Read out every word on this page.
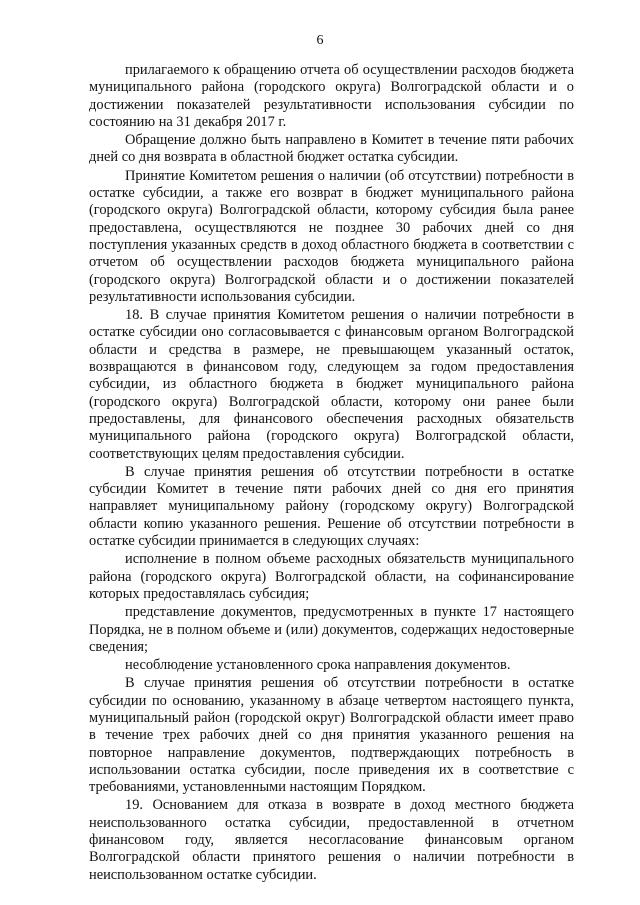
6

прилагаемого к обращению отчета об осуществлении расходов бюджета муниципального района (городского округа) Волгоградской области и о достижении показателей результативности использования субсидии по состоянию на 31 декабря 2017 г.

Обращение должно быть направлено в Комитет в течение пяти рабочих дней со дня возврата в областной бюджет остатка субсидии.

Принятие Комитетом решения о наличии (об отсутствии) потребности в остатке субсидии, а также его возврат в бюджет муниципального района (городского округа) Волгоградской области, которому субсидия была ранее предоставлена, осуществляются не позднее 30 рабочих дней со дня поступления указанных средств в доход областного бюджета в соответствии с отчетом об осуществлении расходов бюджета муниципального района (городского округа) Волгоградской области и о достижении показателей результативности использования субсидии.

18. В случае принятия Комитетом решения о наличии потребности в остатке субсидии оно согласовывается с финансовым органом Волгоградской области и средства в размере, не превышающем указанный остаток, возвращаются в финансовом году, следующем за годом предоставления субсидии, из областного бюджета в бюджет муниципального района (городского округа) Волгоградской области, которому они ранее были предоставлены, для финансового обеспечения расходных обязательств муниципального района (городского округа) Волгоградской области, соответствующих целям предоставления субсидии.

В случае принятия решения об отсутствии потребности в остатке субсидии Комитет в течение пяти рабочих дней со дня его принятия направляет муниципальному району (городскому округу) Волгоградской области копию указанного решения. Решение об отсутствии потребности в остатке субсидии принимается в следующих случаях:

исполнение в полном объеме расходных обязательств муниципального района (городского округа) Волгоградской области, на софинансирование которых предоставлялась субсидия;

представление документов, предусмотренных в пункте 17 настоящего Порядка, не в полном объеме и (или) документов, содержащих недостоверные сведения;

несоблюдение установленного срока направления документов.

В случае принятия решения об отсутствии потребности в остатке субсидии по основанию, указанному в абзаце четвертом настоящего пункта, муниципальный район (городской округ) Волгоградской области имеет право в течение трех рабочих дней со дня принятия указанного решения на повторное направление документов, подтверждающих потребность в использовании остатка субсидии, после приведения их в соответствие с требованиями, установленными настоящим Порядком.

19. Основанием для отказа в возврате в доход местного бюджета неиспользованного остатка субсидии, предоставленной в отчетном финансовом году, является несогласование финансовым органом Волгоградской области принятого решения о наличии потребности в неиспользованном остатке субсидии.
